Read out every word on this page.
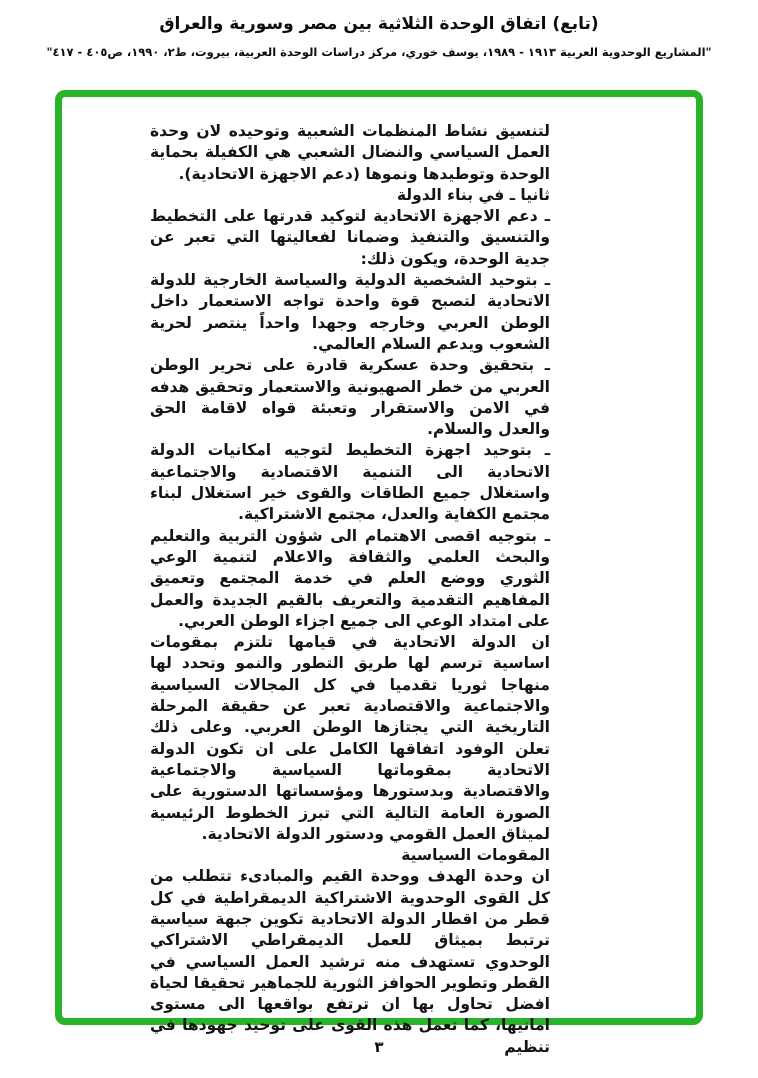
(تابع) اتفاق الوحدة الثلاثية بين مصر وسورية والعراق
"المشاريع الوحدوية العربية ١٩١٣ - ١٩٨٩، يوسف خوري، مركز دراسات الوحدة العربية، بيروت، ط٢، ١٩٩٠، ص٤٠٥ - ٤١٧"

لتنسيق نشاط المنظمات الشعبية وتوحيده لان وحدة العمل السياسي والنضال الشعبي هي الكفيلة بحماية الوحدة وتوطيدها ونموها (دعم الاجهزة الاتحادية).

ثانيا ـ في بناء الدولة

ـ دعم الاجهزة الاتحادية لتوكيد قدرتها على التخطيط والتنسيق والتنفيذ وضمانا لفعاليتها التي تعبر عن جدية الوحدة، ويكون ذلك:

ـ بتوحيد الشخصية الدولية والسياسة الخارجية للدولة الاتحادية لتصبح قوة واحدة تواجه الاستعمار داخل الوطن العربي وخارجه وجهدا واحداً ينتصر لحرية الشعوب ويدعم السلام العالمي.

ـ بتحقيق وحدة عسكرية قادرة على تحرير الوطن العربي من خطر الصهيونية والاستعمار وتحقيق هدفه في الامن والاستقرار وتعبئة قواه لاقامة الحق والعدل والسلام.

ـ بتوحيد اجهزة التخطيط لتوجيه امكانيات الدولة الاتحادية الى التنمية الاقتصادية والاجتماعية واستغلال جميع الطاقات والقوى خير استغلال لبناء مجتمع الكفاية والعدل، مجتمع الاشتراكية.

ـ بتوجيه اقصى الاهتمام الى شؤون التربية والتعليم والبحث العلمي والثقافة والاعلام لتنمية الوعي الثوري ووضع العلم في خدمة المجتمع وتعميق المفاهيم التقدمية والتعريف بالقيم الجديدة والعمل على امتداد الوعي الى جميع اجزاء الوطن العربي.

ان الدولة الاتحادية في قيامها تلتزم بمقومات اساسية ترسم لها طريق التطور والنمو وتحدد لها منهاجا ثوريا تقدميا في كل المجالات السياسية والاجتماعية والاقتصادية تعبر عن حقيقة المرحلة التاريخية التي يجتازها الوطن العربي. وعلى ذلك تعلن الوفود اتفاقها الكامل على ان تكون الدولة الاتحادية بمقوماتها السياسية والاجتماعية والاقتصادية وبدستورها ومؤسساتها الدستورية على الصورة العامة التالية التي تبرز الخطوط الرئيسية لميثاق العمل القومي ودستور الدولة الاتحادية.

المقومات السياسية

ان وحدة الهدف ووحدة القيم والمبادىء تتطلب من كل القوى الوحدوية الاشتراكية الديمقراطية في كل قطر من اقطار الدولة الاتحادية تكوين جبهة سياسية ترتبط بميثاق للعمل الديمقراطي الاشتراكي الوحدوي تستهدف منه ترشيد العمل السياسي في القطر وتطوير الحوافز الثورية للجماهير تحقيقا لحياة افضل تحاول بها ان ترتفع بواقعها الى مستوى امانيها، كما تعمل هذه القوى على توحيد جهودها في تنظيم

٣
